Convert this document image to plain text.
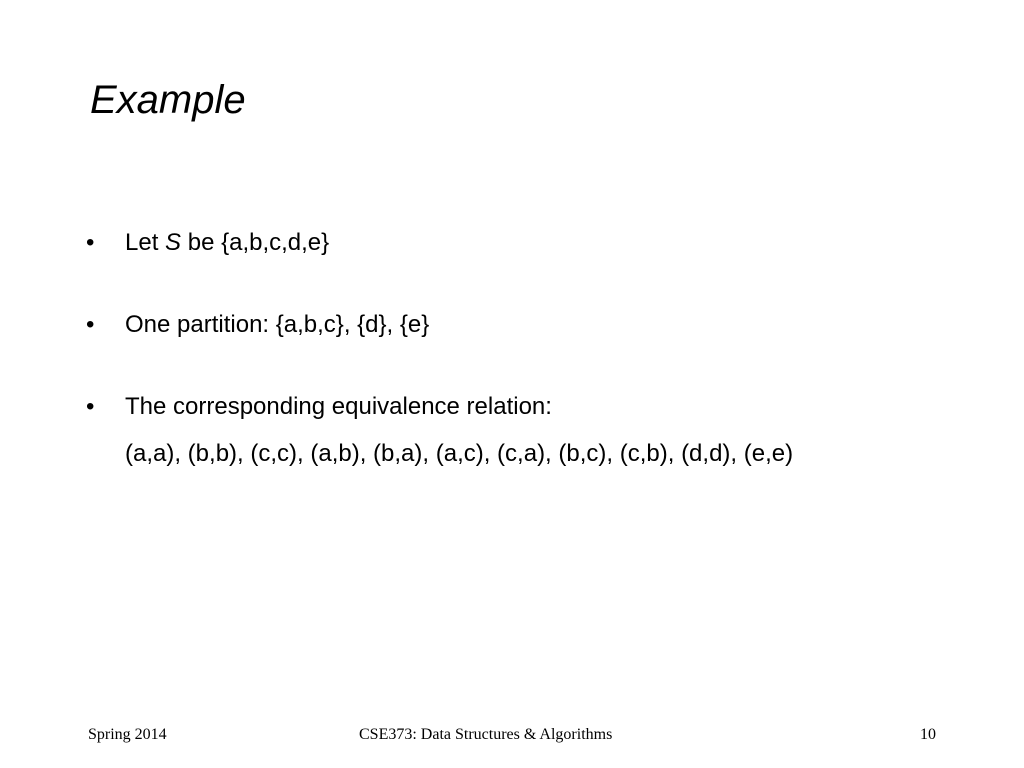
Example
• Let S be {a,b,c,d,e}
• One partition: {a,b,c}, {d}, {e}
• The corresponding equivalence relation:
(a,a), (b,b), (c,c), (a,b), (b,a), (a,c), (c,a), (b,c), (c,b), (d,d), (e,e)
Spring 2014	CSE373: Data Structures & Algorithms	10
